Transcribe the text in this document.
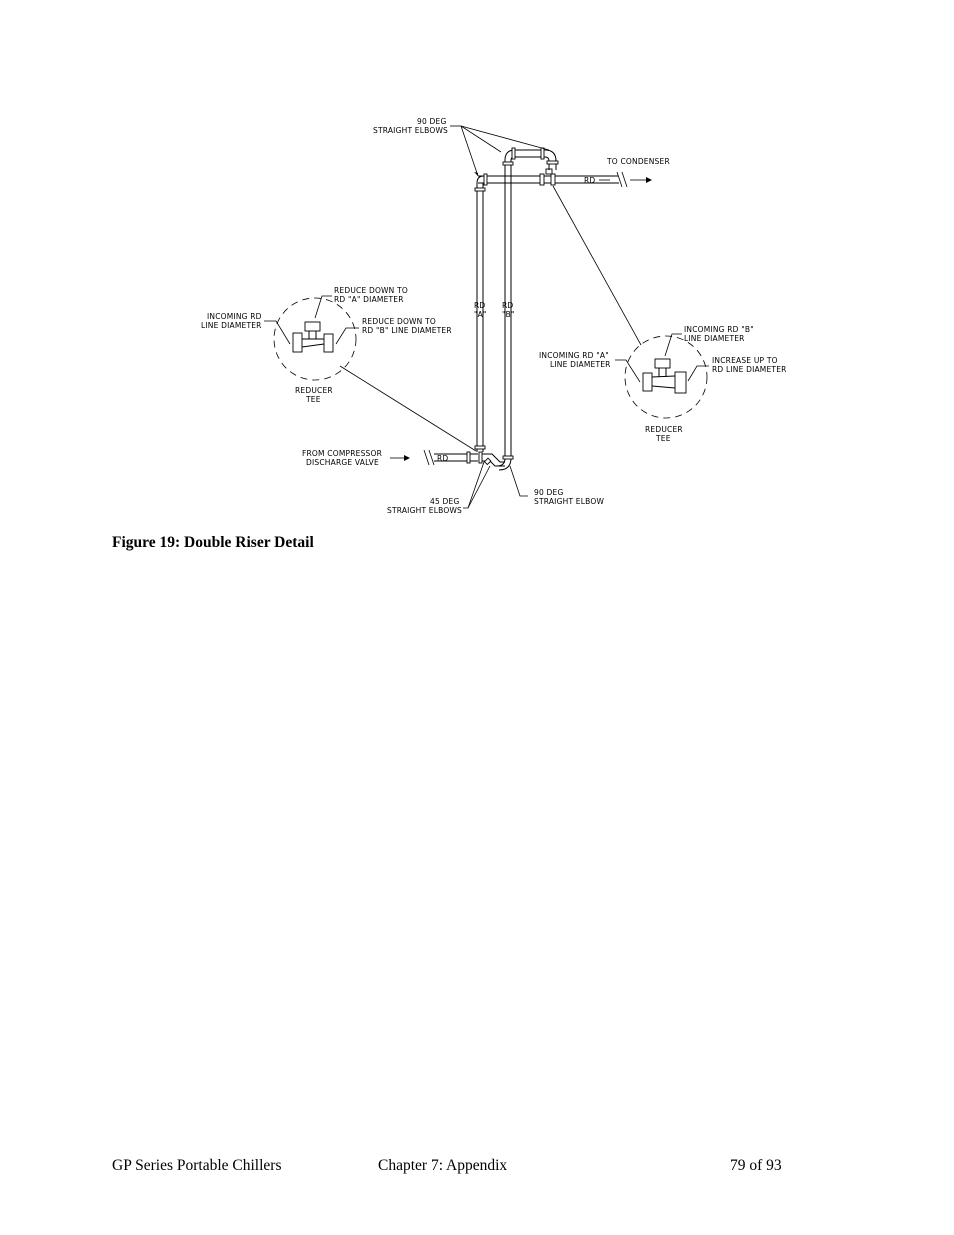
90 DEG
STRAIGHT ELBOWS
TO CONDENSER
RD
RD
"A"
RD
"B"
REDUCE DOWN TO
RD "A" DIAMETER
INCOMING RD
LINE DIAMETER	REDUCE DOWN TO
RD "B" LINE DIAMETER
REDUCER
TEE
INCOMING RD "B"
LINE DIAMETER
INCOMING RD "A"
LINE DIAMETER	INCREASE UP TO
RD LINE DIAMETER
REDUCER
TEE
FROM COMPRESSOR
DISCHARGE VALVE	RD
45 DEG
STRAIGHT ELBOWS
90 DEG
STRAIGHT ELBOW
Figure 19: Double Riser Detail
GP Series Portable Chillers	Chapter 7: Appendix	79 of 93
